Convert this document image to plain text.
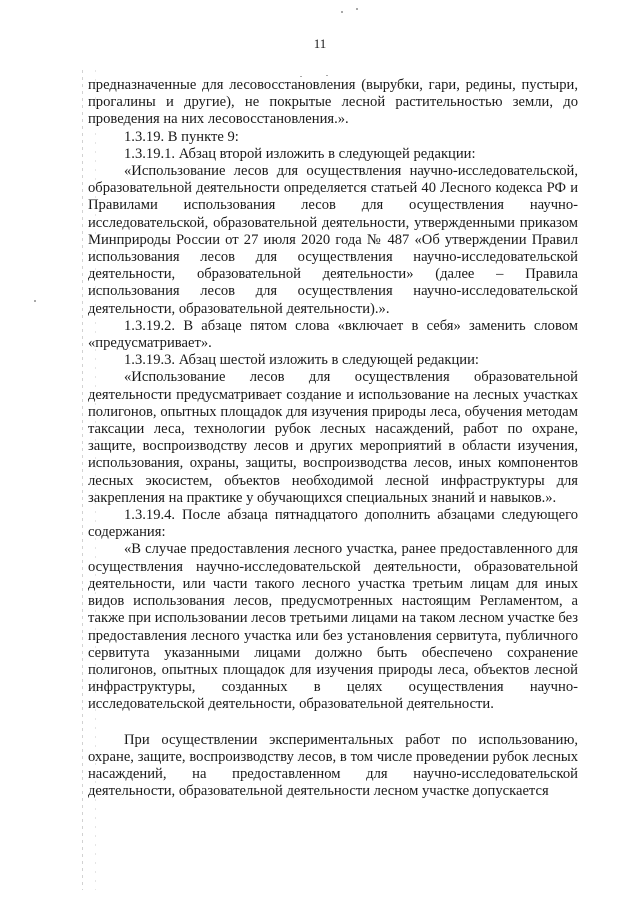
11

предназначенные для лесовосстановления (вырубки, гари, редины, пустыри, прогалины и другие), не покрытые лесной растительностью земли, до проведения на них лесовосстановления.».

1.3.19. В пункте 9:

1.3.19.1. Абзац второй изложить в следующей редакции:

«Использование лесов для осуществления научно-исследовательской, образовательной деятельности определяется статьей 40 Лесного кодекса РФ и Правилами использования лесов для осуществления научно-исследовательской, образовательной деятельности, утвержденными приказом Минприроды России от 27 июля 2020 года № 487 «Об утверждении Правил использования лесов для осуществления научно-исследовательской деятельности, образовательной деятельности» (далее – Правила использования лесов для осуществления научно-исследовательской деятельности, образовательной деятельности).».

1.3.19.2. В абзаце пятом слова «включает в себя» заменить словом «предусматривает».

1.3.19.3. Абзац шестой изложить в следующей редакции:

«Использование лесов для осуществления образовательной деятельности предусматривает создание и использование на лесных участках полигонов, опытных площадок для изучения природы леса, обучения методам таксации леса, технологии рубок лесных насаждений, работ по охране, защите, воспроизводству лесов и других мероприятий в области изучения, использования, охраны, защиты, воспроизводства лесов, иных компонентов лесных экосистем, объектов необходимой лесной инфраструктуры для закрепления на практике у обучающихся специальных знаний и навыков.».

1.3.19.4. После абзаца пятнадцатого дополнить абзацами следующего содержания:

«В случае предоставления лесного участка, ранее предоставленного для осуществления научно-исследовательской деятельности, образовательной деятельности, или части такого лесного участка третьим лицам для иных видов использования лесов, предусмотренных настоящим Регламентом, а также при использовании лесов третьими лицами на таком лесном участке без предоставления лесного участка или без установления сервитута, публичного сервитута указанными лицами должно быть обеспечено сохранение полигонов, опытных площадок для изучения природы леса, объектов лесной инфраструктуры, созданных в целях осуществления научно-исследовательской деятельности, образовательной деятельности.

При осуществлении экспериментальных работ по использованию, охране, защите, воспроизводству лесов, в том числе проведении рубок лесных насаждений, на предоставленном для научно-исследовательской деятельности, образовательной деятельности лесном участке допускается
